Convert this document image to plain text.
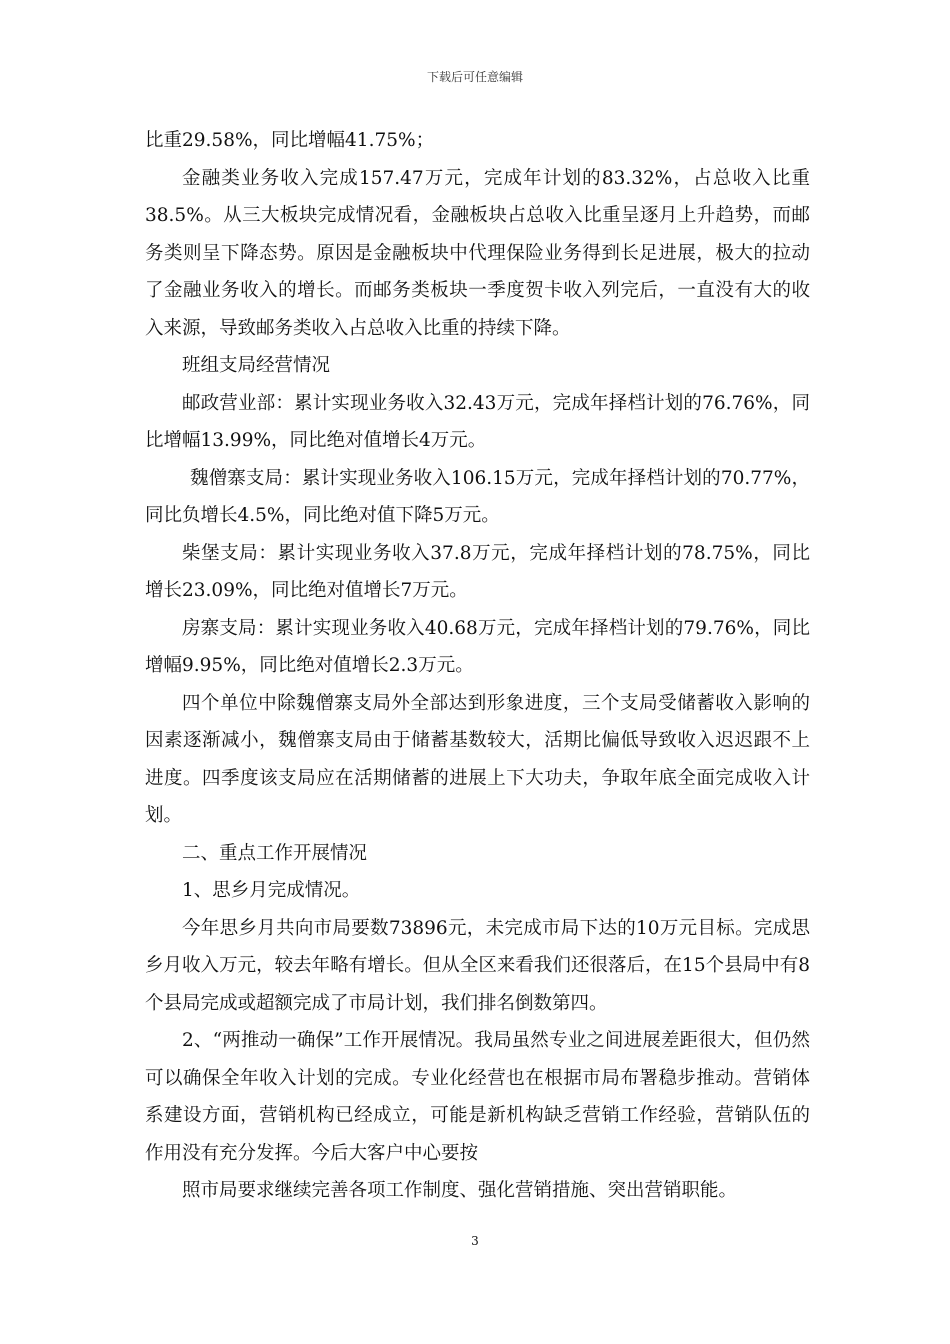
下载后可任意编辑

比重29.58%，同比增幅41.75%；

金融类业务收入完成157.47万元，完成年计划的83.32%，占总收入比重38.5%。从三大板块完成情况看，金融板块占总收入比重呈逐月上升趋势，而邮务类则呈下降态势。原因是金融板块中代理保险业务得到长足进展，极大的拉动了金融业务收入的增长。而邮务类板块一季度贺卡收入列完后，一直没有大的收入来源，导致邮务类收入占总收入比重的持续下降。

班组支局经营情况

邮政营业部：累计实现业务收入32.43万元，完成年择档计划的76.76%，同比增幅13.99%，同比绝对值增长4万元。

魏僧寨支局：累计实现业务收入106.15万元，完成年择档计划的70.77%，同比负增长4.5%，同比绝对值下降5万元。

柴堡支局：累计实现业务收入37.8万元，完成年择档计划的78.75%，同比增长23.09%，同比绝对值增长7万元。

房寨支局：累计实现业务收入40.68万元，完成年择档计划的79.76%，同比增幅9.95%，同比绝对值增长2.3万元。

四个单位中除魏僧寨支局外全部达到形象进度，三个支局受储蓄收入影响的因素逐渐减小，魏僧寨支局由于储蓄基数较大，活期比偏低导致收入迟迟跟不上进度。四季度该支局应在活期储蓄的进展上下大功夫，争取年底全面完成收入计划。

二、重点工作开展情况

1、思乡月完成情况。

今年思乡月共向市局要数73896元，未完成市局下达的10万元目标。完成思乡月收入万元，较去年略有增长。但从全区来看我们还很落后，在15个县局中有8个县局完成或超额完成了市局计划，我们排名倒数第四。

2、“两推动一确保”工作开展情况。我局虽然专业之间进展差距很大，但仍然可以确保全年收入计划的完成。专业化经营也在根据市局布署稳步推动。营销体系建设方面，营销机构已经成立，可能是新机构缺乏营销工作经验，营销队伍的作用没有充分发挥。今后大客户中心要按

照市局要求继续完善各项工作制度、强化营销措施、突出营销职能。

3
